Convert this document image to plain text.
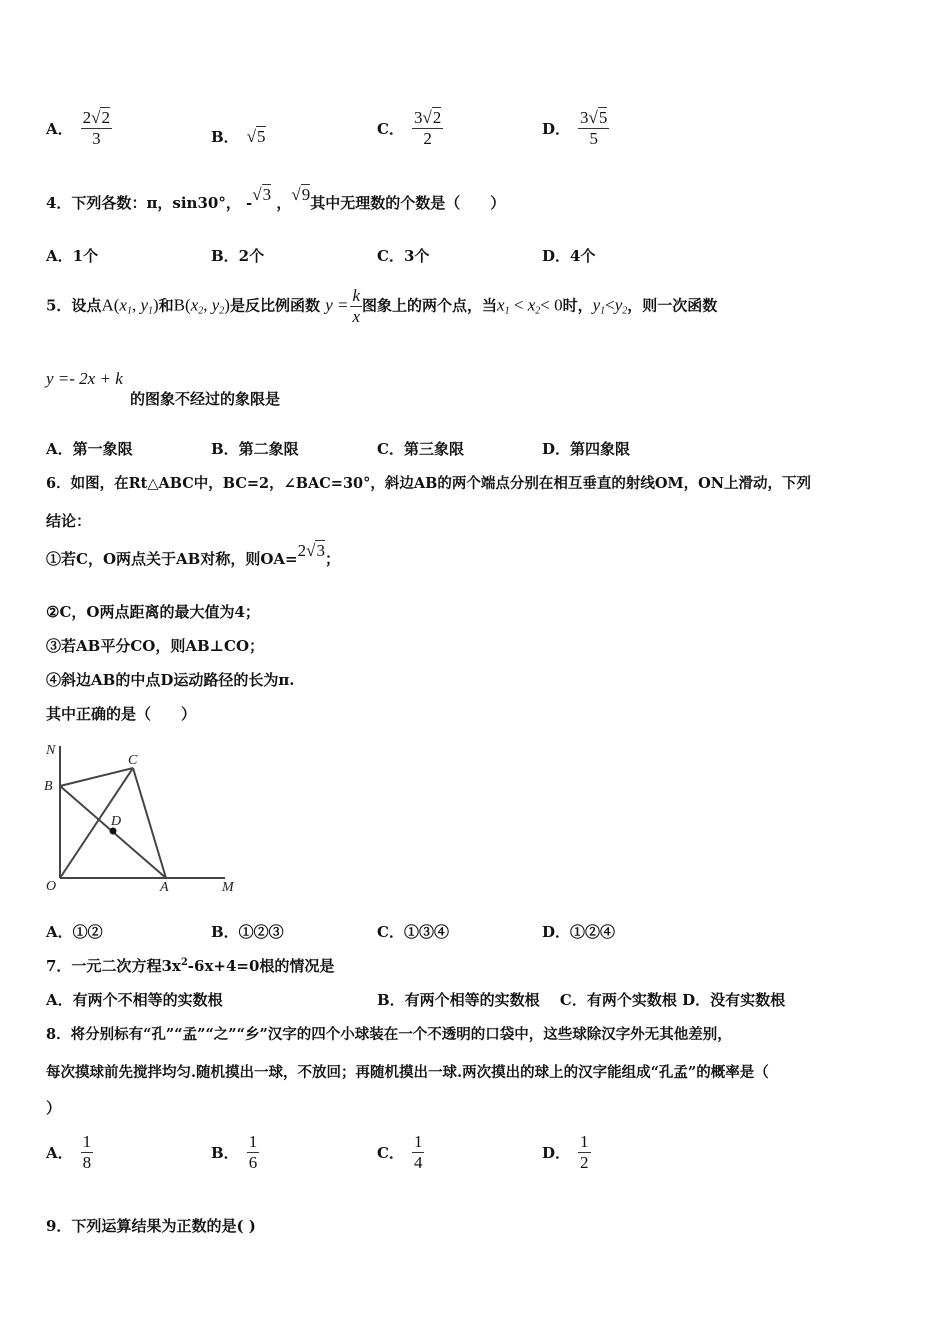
A． $\frac{2√2}{3}$	B． √5	C． $\frac{3√2}{2}$	D． $\frac{3√5}{5}$
4．下列各数：π，sin30°， -√3 ，√9其中无理数的个数是（　　）
A．1个	B．2个	C．3个	D．4个
5．设点$A(x_1$, $y_1$)和$B(x_2$, $y_2$)是反比例函数 $y = \frac{k}{x}$ 图象上的两个点，当$x_1 < x_2< 0$时，$y_1<y_2$，则一次函数
y =- 2x + k 的图象不经过的象限是
A．第一象限	B．第二象限	C．第三象限	D．第四象限
6．如图，在Rt△ABC中，BC=2，∠BAC=30°，斜边AB的两个端点分别在相互垂直的射线OM，ON上滑动，下列
结论：
①若C，O两点关于AB对称，则OA=2√3；
②C，O两点距离的最大值为4；
③若AB平分CO，则AB⊥CO；
④斜边AB的中点D运动路径的长为π.
其中正确的是（　　）
N
B
C
D
O	A	M
A．①②	B．①②③	C．①③④	D．①②④
7．一元二次方程$3x^2-6x+4=0$根的情况是
A．有两个不相等的实数根	B．有两个相等的实数根　 C．有两个实数根 D．没有实数根
8．将分别标有“孔”“孟”“之”“乡”汉字的四个小球装在一个不透明的口袋中，这些球除汉字外无其他差别，
每次摸球前先搅拌均匀.随机摸出一球，不放回；再随机摸出一球.两次摸出的球上的汉字能组成“孔孟”的概率是（
）
A． $\frac{1}{8}$	B． $\frac{1}{6}$	C． $\frac{1}{4}$	D． $\frac{1}{2}$
9．下列运算结果为正数的是( )
